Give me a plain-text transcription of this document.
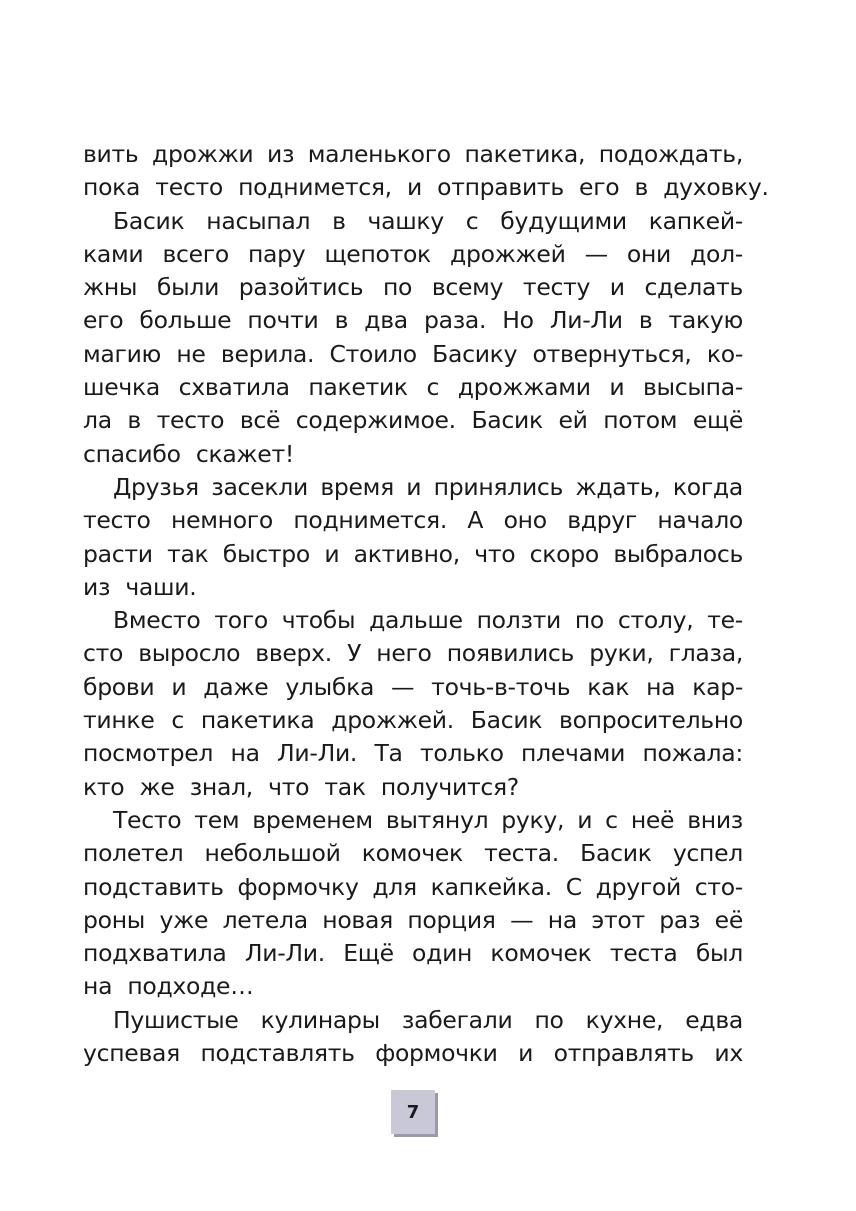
вить дрожжи из маленького пакетика, подождать,
пока тесто поднимется, и отправить его в духовку.
Басик насыпал в чашку с будущими капкей-
ками всего пару щепоток дрожжей — они дол-
жны были разойтись по всему тесту и сделать
его больше почти в два раза. Но Ли-Ли в такую
магию не верила. Стоило Басику отвернуться, ко-
шечка схватила пакетик с дрожжами и высыпа-
ла в тесто всё содержимое. Басик ей потом ещё
спасибо скажет!
Друзья засекли время и принялись ждать, когда
тесто немного поднимется. А оно вдруг начало
расти так быстро и активно, что скоро выбралось
из чаши.
Вместо того чтобы дальше ползти по столу, те-
сто выросло вверх. У него появились руки, глаза,
брови и даже улыбка — точь-в-точь как на кар-
тинке с пакетика дрожжей. Басик вопросительно
посмотрел на Ли-Ли. Та только плечами пожала:
кто же знал, что так получится?
Тесто тем временем вытянул руку, и с неё вниз
полетел небольшой комочек теста. Басик успел
подставить формочку для капкейка. С другой сто-
роны уже летела новая порция — на этот раз её
подхватила Ли-Ли. Ещё один комочек теста был
на подходе…
Пушистые кулинары забегали по кухне, едва
успевая подставлять формочки и отправлять их
7
